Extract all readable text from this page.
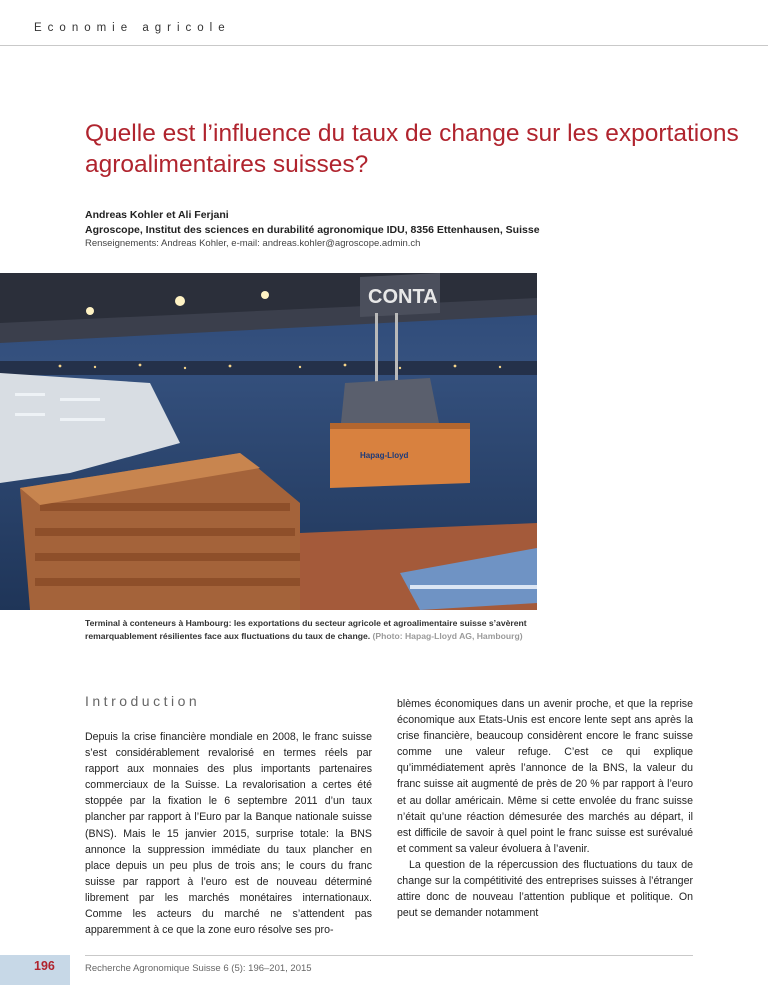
Economie agricole
Quelle est l’influence du taux de change sur les exportations agroalimentaires suisses?
Andreas Kohler et Ali Ferjani
Agroscope, Institut des sciences en durabilité agronomique IDU, 8356 Ettenhausen, Suisse
Renseignements: Andreas Kohler, e-mail: andreas.kohler@agroscope.admin.ch
CONTA
Hapag-Lloyd
Terminal à conteneurs à Hambourg: les exportations du secteur agricole et agroalimentaire suisse s’avèrent remarquablement résilientes face aux fluctuations du taux de change. (Photo: Hapag-Lloyd AG, Hambourg)
Introduction

Depuis la crise financière mondiale en 2008, le franc suisse s’est considérablement revalorisé en termes réels par rapport aux monnaies des plus importants partenaires commerciaux de la Suisse. La revalorisation a certes été stoppée par la fixation le 6 septembre 2011 d’un taux plancher par rapport à l’Euro par la Banque nationale suisse (BNS). Mais le 15 janvier 2015, surprise totale: la BNS annonce la suppression immédiate du taux plancher en place depuis un peu plus de trois ans; le cours du franc suisse par rapport à l’euro est de nouveau déterminé librement par les marchés monétaires internationaux. Comme les acteurs du marché ne s’attendent pas apparemment à ce que la zone euro résolve ses pro-

blèmes économiques dans un avenir proche, et que la reprise économique aux Etats-Unis est encore lente sept ans après la crise financière, beaucoup considèrent encore le franc suisse comme une valeur refuge. C’est ce qui explique qu’immédiatement après l’annonce de la BNS, la valeur du franc suisse ait augmenté de près de 20 % par rapport à l’euro et au dollar américain. Même si cette envolée du franc suisse n’était qu’une réaction démesurée des marchés au départ, il est difficile de savoir à quel point le franc suisse est surévalué et comment sa valeur évoluera à l’avenir.

La question de la répercussion des fluctuations du taux de change sur la compétitivité des entreprises suisses à l’étranger attire donc de nouveau l’attention publique et politique. On peut se demander notamment

196	Recherche Agronomique Suisse 6 (5): 196–201, 2015
